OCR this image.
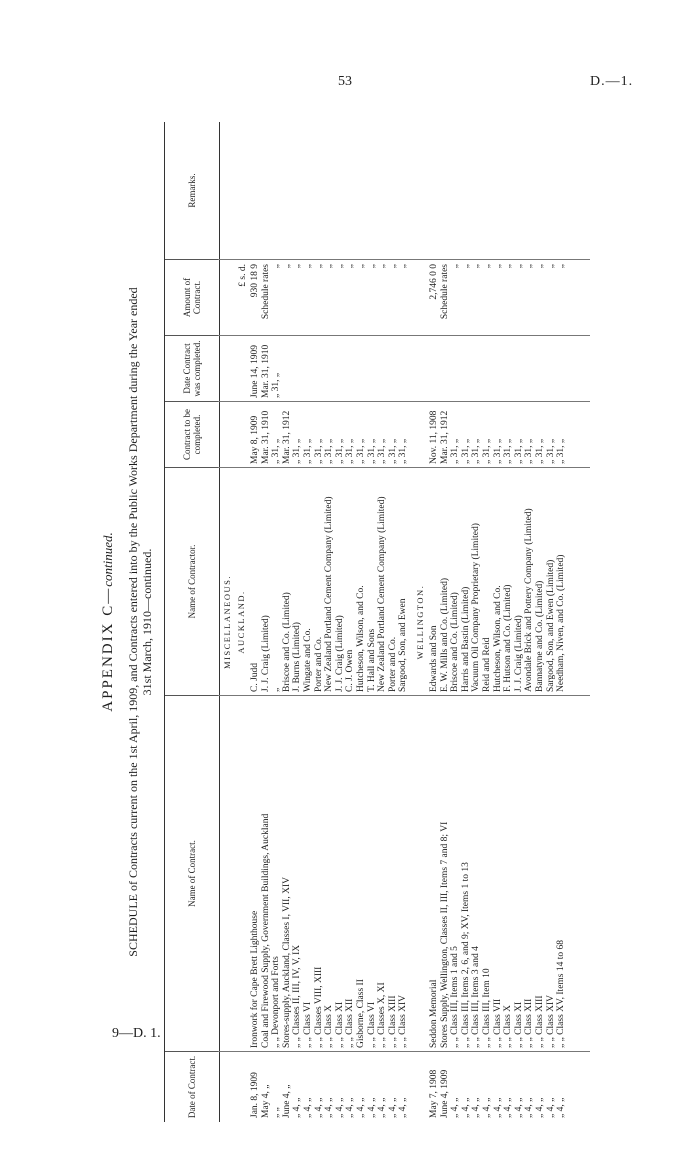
53	D.—1.
9—D. 1.
APPENDIX C—continued. SCHEDULE of Contracts current on the 1st April, 1909, and Contracts entered into by the Public Works Department during the Year ended 31st March, 1910—continued.
Date of Contract.
Name of Contract.
Name of Contractor.
Contract to be completed.
Date Contract was completed.
Amount of Contract.
Remarks.
MISCELLANEOUS. AUCKLAND.
£ s. d.
Jan. 8, 1909
Ironwork for Cape Brett Lighthouse
C. Judd
May 8, 1909
June 14, 1909
930 18 9
May 4, „
Coal and Firewood Supply, Government Buildings, Auckland
J. J. Craig (Limited)
Mar. 31, 1910
Mar. 31, 1910
Schedule rates
„ „
„ „ Devonport and Forts
„
„ 31, „
„ 31, „
„
June 4, „
Stores-supply, Auckland, Classes I, VII, XIV
Briscoe and Co. (Limited)
Mar. 31, 1912
„
„ 4, „
„ „ Classes II, III, IV, V, IX
J. Burns (Limited)
„ 31, „
„
„ 4, „
„ „ Class VI
Wingate and Co.
„ 31, „
„
„ 4, „
„ „ Classes VIII, XIII
Porter and Co.
„ 31, „
„
„ 4, „
„ „ Class X
New Zealand Portland Cement Company (Limited)
„ 31, „
„
„ 4, „
„ „ Class XI
J. J. Craig (Limited)
„ 31, „
„
„ 4, „
„ „ Class XII
C. J. Owen
„ 31, „
„
„ 4, „
Gisborne, Class II
Hutcheson, Wilson, and Co.
„ 31, „
„
„ 4, „
„ „ Class VI
T. Hall and Sons
„ 31, „
„
„ 4, „
„ „ Classes X, XI
New Zealand Portland Cement Company (Limited)
„ 31, „
„
„ 4, „
„ „ Class XIII
Porter and Co.
„ 31, „
„
„ 4, „
„ „ Class XIV
Sargood, Son, and Ewen
„ 31, „
„
WELLINGTON.
May 7, 1908
Seddon Memorial
Edwards and Son
Nov. 11, 1908
2,746 0 0
June 4, 1909
Stores Supply, Wellington, Classes II, III, Items 7 and 8; VI
E. W. Mills and Co. (Limited)
Mar. 31, 1912
Schedule rates
„ 4, „
„ „ Class III, Items 1 and 5
Briscoe and Co. (Limited)
„ 31, „
„
„ 4, „
„ „ Class III, Items 2, 6, and 9; XV, Items 1 to 13
Harris and Bastin (Limited)
„ 31, „
„
„ 4, „
„ „ Class III, Items 3 and 4
Vacuum Oil Company Proprietary (Limited)
„ 31, „
„
„ 4, „
„ „ Class III, Item 10
Reid and Reid
„ 31, „
„
„ 4, „
„ „ Class VII
Hutcheson, Wilson, and Co.
„ 31, „
„
„ 4, „
„ „ Class X
F. Hutson and Co. (Limited)
„ 31, „
„
„ 4, „
„ „ Class XI
J. J. Craig (Limited)
„ 31, „
„
„ 4, „
„ „ Class XII
Avondale Brick and Pottery Company (Limited)
„ 31, „
„
„ 4, „
„ „ Class XIII
Bannatyne and Co. (Limited)
„ 31, „
„
„ 4, „
„ „ Class XIV
Sargood, Son, and Ewen (Limited)
„ 31, „
„
„ 4, „
„ „ Class XV, Items 14 to 68
Needham, Niven, and Co. (Limited)
„ 31, „
„
